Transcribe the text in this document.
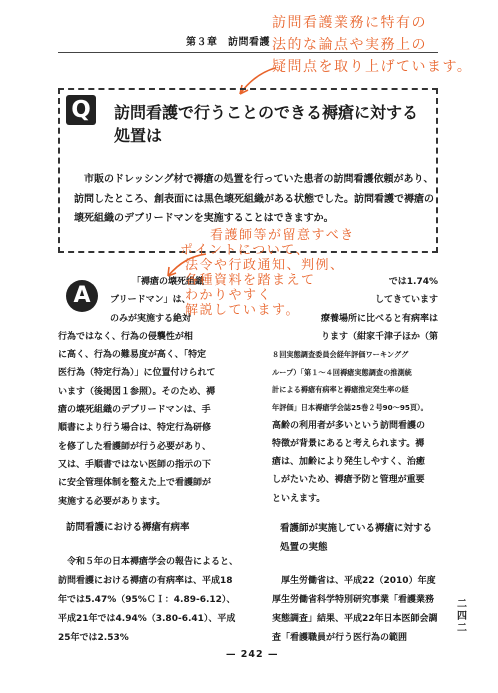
第３章　訪問看護
訪問看護業務に特有の
法的な論点や実務上の
疑問点を取り上げています。
Q	訪問看護で行うことのできる褥瘡に対する処置は
市販のドレッシング材で褥瘡の処置を行っていた患者の訪問看護依頼があり、訪問したところ、創表面には黒色壊死組織がある状態でした。訪問看護で褥瘡の壊死組織のデブリードマンを実施することはできますか。
A
「褥瘡の壊死組織
ブリードマン」は、
のみが実施する絶対
行為ではなく、行為の侵襲性が相
に高く、行為の難易度が高く、「特定
医行為（特定行為）」に位置付けられて
います（後掲図１参照）。そのため、褥
瘡の壊死組織のデブリードマンは、手
順書により行う場合は、特定行為研修
を修了した看護師が行う必要があり、
又は、手順書ではない医師の指示の下
に安全管理体制を整えた上で看護師が
実施する必要があります。
では1.74%
してきています
療養場所に比べると有病率は
ります（紺家千津子ほか（第
８回実態調査委員会経年評価ワーキンググ
ループ）「第１～４回褥瘡実態調査の推測統
計による褥瘡有病率と褥瘡推定発生率の経
年評価」日本褥瘡学会誌25巻２号90～95頁）。
高齢の利用者が多いという訪問看護の
特徴が背景にあると考えられます。褥
瘡は、加齢により発生しやすく、治癒
しがたいため、褥瘡予防と管理が重要
といえます。
看護師等が留意すべき
ポイントについて、
法令や行政通知、判例、
各種資料を踏まえて
わかりやすく
解説しています。
訪問看護における褥瘡有病率
令和５年の日本褥瘡学会の報告によると、訪問看護における褥瘡の有病率は、平成18年では5.47%（95%ＣＩ：4.89-6.12）、平成21年では4.94%（3.80-6.41）、平成25年では2.53%
看護師が実施している褥瘡に対する処置の実態
厚生労働省は、平成22（2010）年度厚生労働省科学特別研究事業「看護業務実態調査」結果、平成22年日本医師会調査「看護職員が行う医行為の範囲
二
四
二
— 242 —
